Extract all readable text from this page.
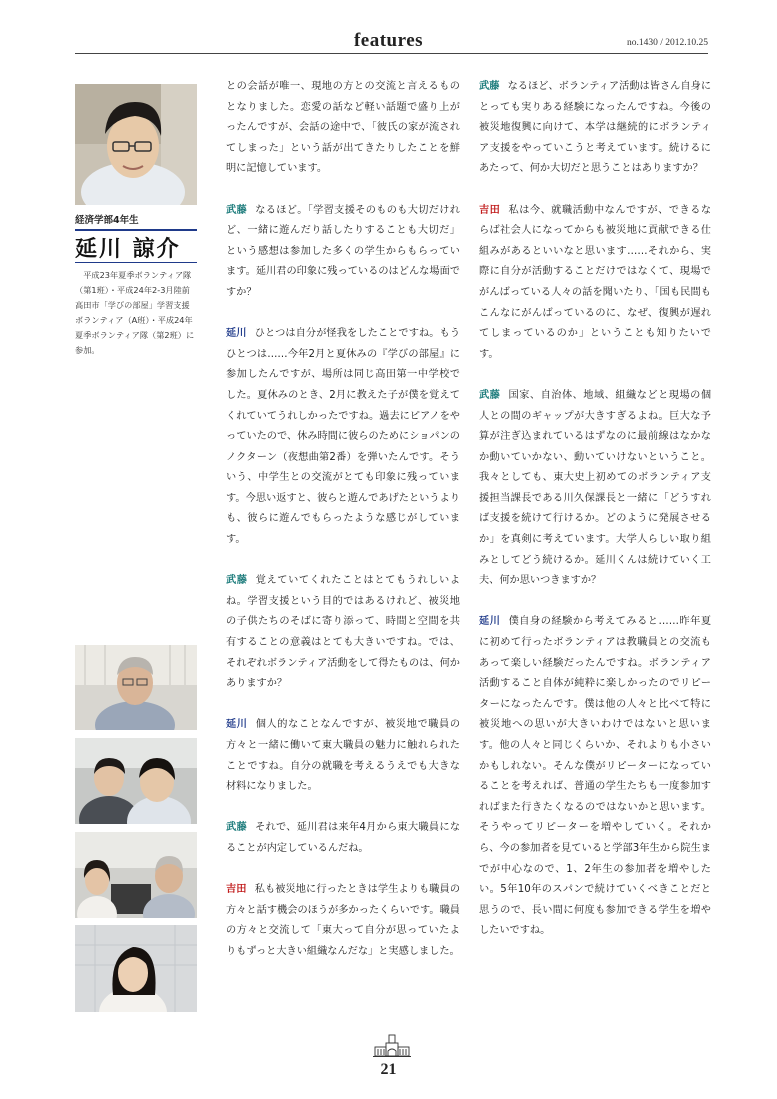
features	no.1430 / 2012.10.25
経済学部4年生
延川 諒介
平成23年夏季ボランティア隊（第1班）・平成24年2-3月陸前高田市「学びの部屋」学習支援ボランティア（A班）・平成24年夏季ボランティア隊（第2班）に参加。

との会話が唯一、現地の方との交流と言えるものとなりました。恋愛の話など軽い話題で盛り上がったんですが、会話の途中で、「彼氏の家が流されてしまった」という話が出てきたりしたことを鮮明に記憶しています。

武藤 なるほど。「学習支援そのものも大切だけれど、一緒に遊んだり話したりすることも大切だ」という感想は参加した多くの学生からもらっています。延川君の印象に残っているのはどんな場面ですか？

延川 ひとつは自分が怪我をしたことですね。もうひとつは……今年2月と夏休みの『学びの部屋』に参加したんですが、場所は同じ高田第一中学校でした。夏休みのとき、2月に教えた子が僕を覚えてくれていてうれしかったですね。過去にピアノをやっていたので、休み時間に彼らのためにショパンのノクターン（夜想曲第2番）を弾いたんです。そういう、中学生との交流がとても印象に残っています。今思い返すと、彼らと遊んであげたというよりも、彼らに遊んでもらったような感じがしています。

武藤 覚えていてくれたことはとてもうれしいよね。学習支援という目的ではあるけれど、被災地の子供たちのそばに寄り添って、時間と空間を共有することの意義はとても大きいですね。では、それぞれボランティア活動をして得たものは、何かありますか？

延川 個人的なことなんですが、被災地で職員の方々と一緒に働いて東大職員の魅力に触れられたことですね。自分の就職を考えるうえでも大きな材料になりました。

武藤 それで、延川君は来年4月から東大職員になることが内定しているんだね。

吉田 私も被災地に行ったときは学生よりも職員の方々と話す機会のほうが多かったくらいです。職員の方々と交流して「東大って自分が思っていたよりもずっと大きい組織なんだな」と実感しました。

武藤 なるほど、ボランティア活動は皆さん自身にとっても実りある経験になったんですね。今後の被災地復興に向けて、本学は継続的にボランティア支援をやっていこうと考えています。続けるにあたって、何か大切だと思うことはありますか？

吉田 私は今、就職活動中なんですが、できるならば社会人になってからも被災地に貢献できる仕組みがあるといいなと思います……それから、実際に自分が活動することだけではなくて、現場でがんばっている人々の話を聞いたり、「国も民間もこんなにがんばっているのに、なぜ、復興が遅れてしまっているのか」ということも知りたいです。

武藤 国家、自治体、地域、組織などと現場の個人との間のギャップが大きすぎるよね。巨大な予算が注ぎ込まれているはずなのに最前線はなかなか動いていかない、動いていけないということ。我々としても、東大史上初めてのボランティア支援担当課長である川久保課長と一緒に「どうすれば支援を続けて行けるか。どのように発展させるか」を真剣に考えています。大学人らしい取り組みとしてどう続けるか。延川くんは続けていく工夫、何か思いつきますか？

延川 僕自身の経験から考えてみると……昨年夏に初めて行ったボランティアは教職員との交流もあって楽しい経験だったんですね。ボランティア活動すること自体が純粋に楽しかったのでリピーターになったんです。僕は他の人々と比べて特に被災地への思いが大きいわけではないと思います。他の人々と同じくらいか、それよりも小さいかもしれない。そんな僕がリピーターになっていることを考えれば、普通の学生たちも一度参加すればまた行きたくなるのではないかと思います。そうやってリピーターを増やしていく。それから、今の参加者を見ていると学部3年生から院生までが中心なので、1、2年生の参加者を増やしたい。5年10年のスパンで続けていくべきことだと思うので、長い間に何度も参加できる学生を増やしたいですね。

21
